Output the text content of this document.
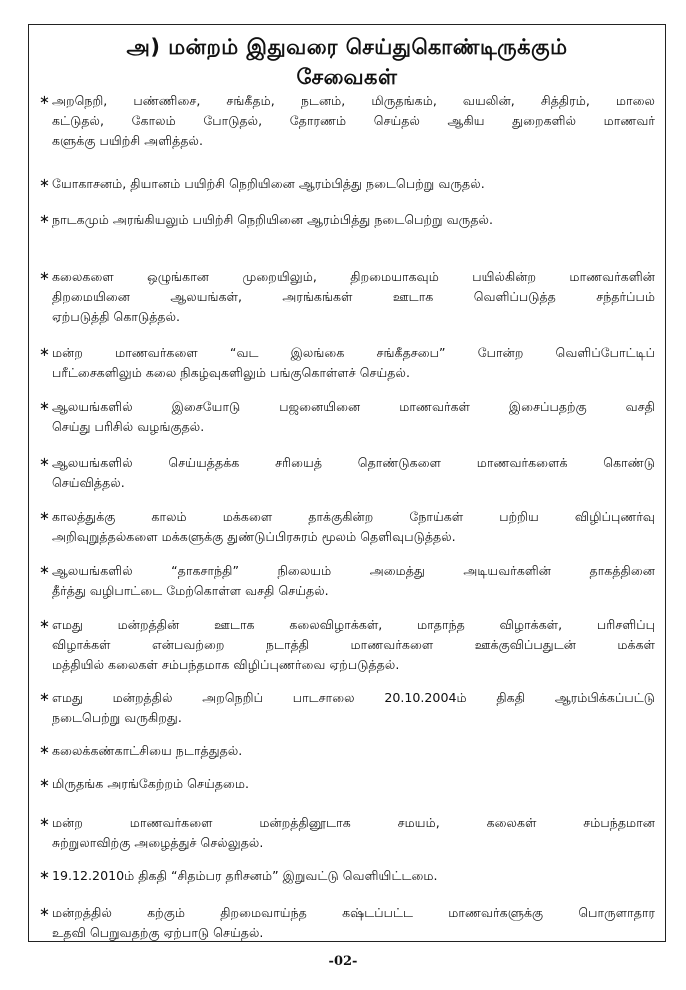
அ) மன்றம் இதுவரை செய்துகொண்டிருக்கும்
சேவைகள்
∗ அறநெறி, பண்ணிசை, சங்கீதம், நடனம், மிருதங்கம், வயலின், சித்திரம், மாலை
கட்டுதல், கோலம் போடுதல், தோரணம் செய்தல் ஆகிய துறைகளில் மாணவர்
களுக்கு பயிற்சி அளித்தல்.
∗ யோகாசனம், தியானம் பயிற்சி நெறியினை ஆரம்பித்து நடைபெற்று வருதல்.
∗ நாடகமும் அரங்கியலும் பயிற்சி நெறியினை ஆரம்பித்து நடைபெற்று வருதல்.
∗ கலைகளை ஒழுங்கான முறையிலும், திறமையாகவும் பயில்கின்ற மாணவர்களின்
திறமையினை ஆலயங்கள், அரங்கங்கள் ஊடாக வெளிப்படுத்த சந்தர்ப்பம்
ஏற்படுத்தி கொடுத்தல்.
∗ மன்ற மாணவர்களை “வட இலங்கை சங்கீதசபை” போன்ற வெளிப்போட்டிப்
பரீட்சைகளிலும் கலை நிகழ்வுகளிலும் பங்குகொள்ளச் செய்தல்.
∗ ஆலயங்களில் இசையோடு பஜனையினை மாணவர்கள் இசைப்பதற்கு வசதி
செய்து பரிசில் வழங்குதல்.
∗ ஆலயங்களில் செய்யத்தக்க சரியைத் தொண்டுகளை மாணவர்களைக் கொண்டு
செய்வித்தல்.
∗ காலத்துக்கு காலம் மக்களை தாக்குகின்ற நோய்கள் பற்றிய விழிப்புணர்வு
அறிவுறுத்தல்களை மக்களுக்கு துண்டுப்பிரசுரம் மூலம் தெளிவுபடுத்தல்.
∗ ஆலயங்களில் “தாகசாந்தி” நிலையம் அமைத்து அடியவர்களின் தாகத்தினை
தீர்த்து வழிபாட்டை மேற்கொள்ள வசதி செய்தல்.
∗ எமது மன்றத்தின் ஊடாக கலைவிழாக்கள், மாதாந்த விழாக்கள், பரிசளிப்பு
விழாக்கள் என்பவற்றை நடாத்தி மாணவர்களை ஊக்குவிப்பதுடன் மக்கள்
மத்தியில் கலைகள் சம்பந்தமாக விழிப்புணர்வை ஏற்படுத்தல்.
∗ எமது மன்றத்தில் அறநெறிப் பாடசாலை 20.10.2004ம் திகதி ஆரம்பிக்கப்பட்டு
நடைபெற்று வருகிறது.
∗ கலைக்கண்காட்சியை நடாத்துதல்.
∗ மிருதங்க அரங்கேற்றம் செய்தமை.
∗ மன்ற மாணவர்களை மன்றத்தினூடாக சமயம், கலைகள் சம்பந்தமான
சுற்றுலாவிற்கு அழைத்துச் செல்லுதல்.
∗ 19.12.2010ம் திகதி “சிதம்பர தரிசனம்” இறுவட்டு வெளியிட்டமை.
∗ மன்றத்தில் கற்கும் திறமைவாய்ந்த கஷ்டப்பட்ட மாணவர்களுக்கு பொருளாதார
உதவி பெறுவதற்கு ஏற்பாடு செய்தல்.
-02-
